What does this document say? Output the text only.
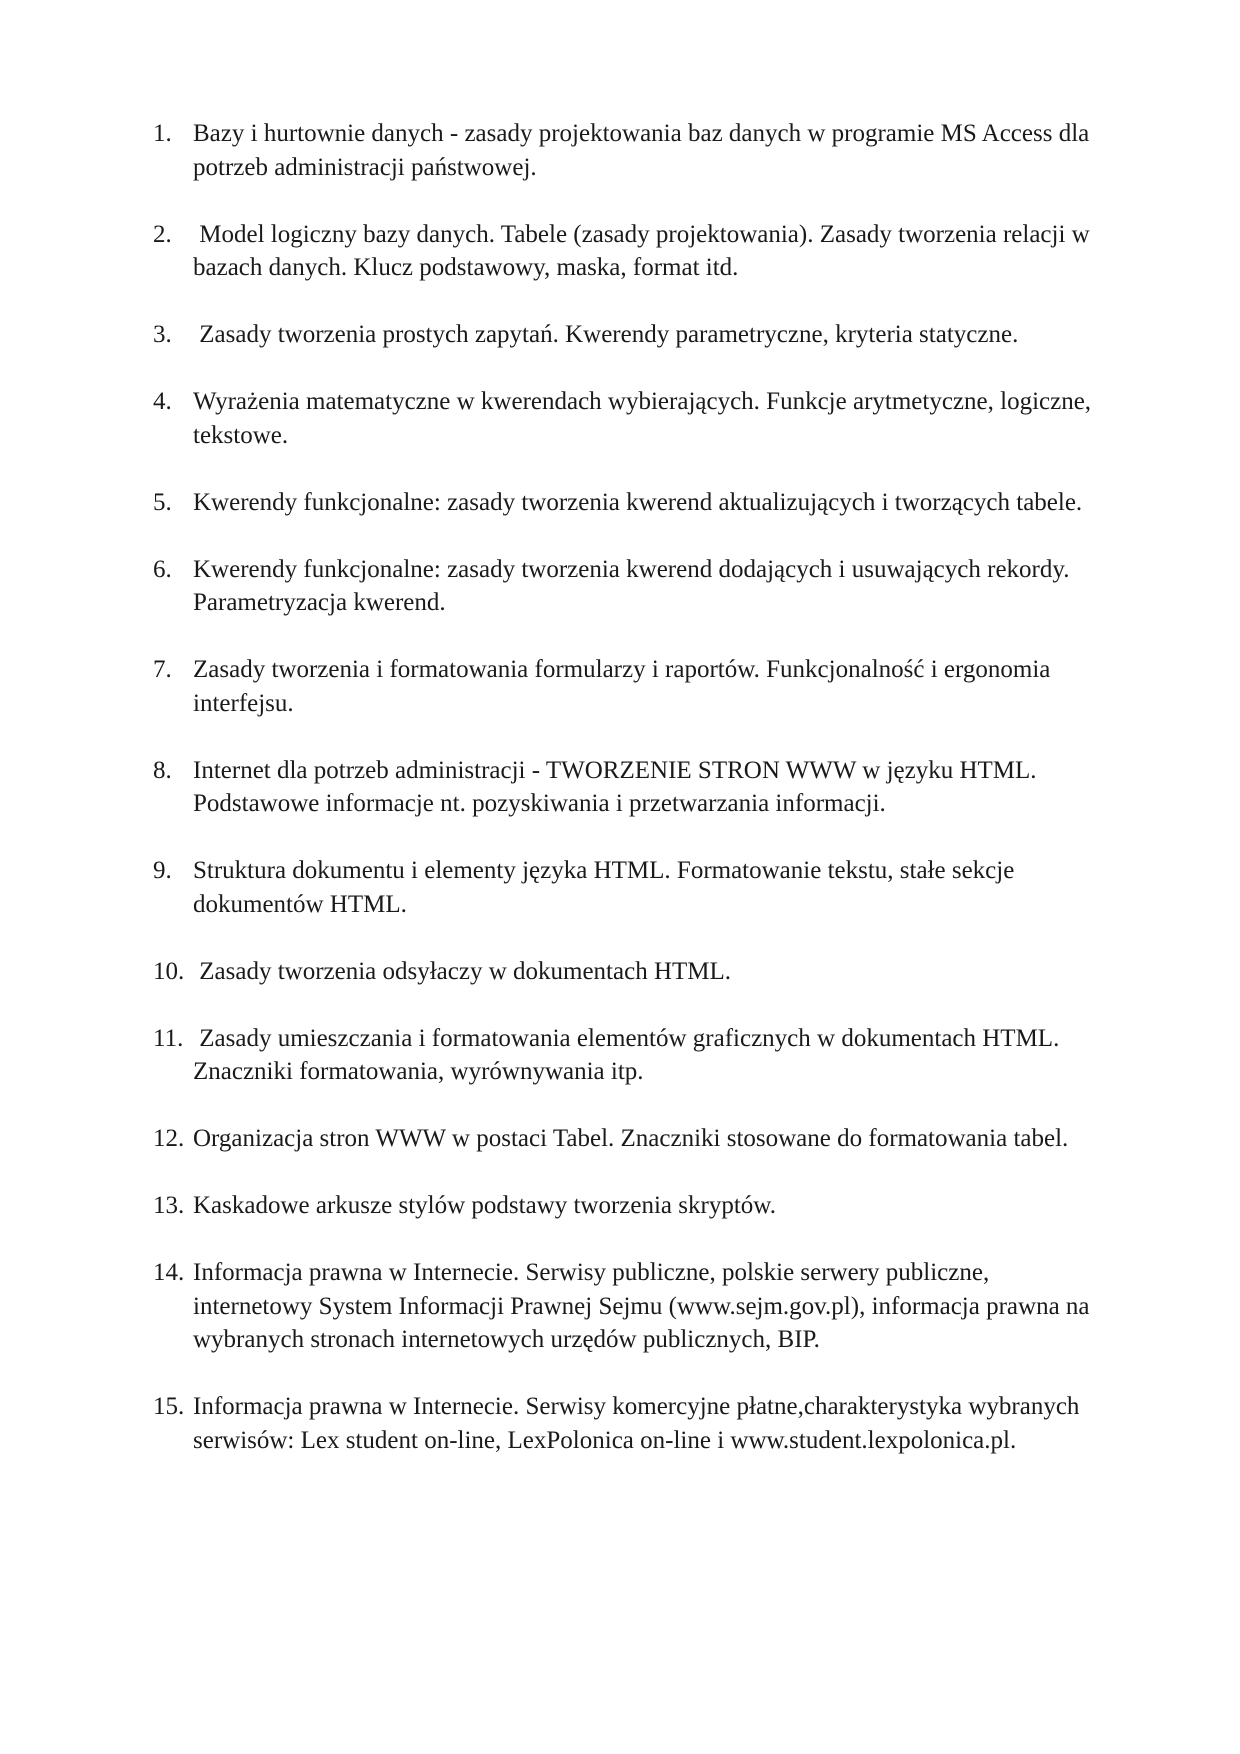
1. Bazy i hurtownie danych - zasady projektowania baz danych w programie MS Access dla potrzeb administracji państwowej.
2. Model logiczny bazy danych. Tabele (zasady projektowania). Zasady tworzenia relacji w bazach danych. Klucz podstawowy, maska, format itd.
3. Zasady tworzenia prostych zapytań. Kwerendy parametryczne, kryteria statyczne.
4. Wyrażenia matematyczne w kwerendach wybierających. Funkcje arytmetyczne, logiczne, tekstowe.
5. Kwerendy funkcjonalne: zasady tworzenia kwerend aktualizujących i tworzących tabele.
6. Kwerendy funkcjonalne: zasady tworzenia kwerend dodających i usuwających rekordy. Parametryzacja kwerend.
7. Zasady tworzenia i formatowania formularzy i raportów. Funkcjonalność i ergonomia interfejsu.
8. Internet dla potrzeb administracji - TWORZENIE STRON WWW w języku HTML. Podstawowe informacje nt. pozyskiwania i przetwarzania informacji.
9. Struktura dokumentu i elementy języka HTML. Formatowanie tekstu, stałe sekcje dokumentów HTML.
10. Zasady tworzenia odsyłaczy w dokumentach HTML.
11. Zasady umieszczania i formatowania elementów graficznych w dokumentach HTML. Znaczniki formatowania, wyrównywania itp.
12. Organizacja stron WWW w postaci Tabel. Znaczniki stosowane do formatowania tabel.
13. Kaskadowe arkusze stylów podstawy tworzenia skryptów.
14. Informacja prawna w Internecie. Serwisy publiczne, polskie serwery publiczne, internetowy System Informacji Prawnej Sejmu (www.sejm.gov.pl), informacja prawna na wybranych stronach internetowych urzędów publicznych, BIP.
15. Informacja prawna w Internecie. Serwisy komercyjne płatne,charakterystyka wybranych serwisów: Lex student on-line, LexPolonica on-line i www.student.lexpolonica.pl.
